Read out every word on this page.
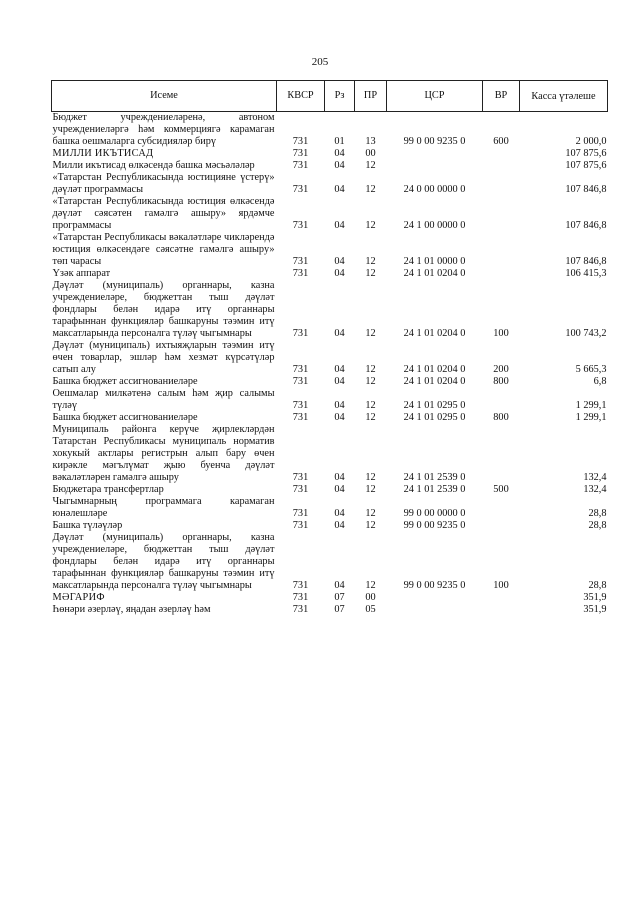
205
Исеме	КВСР	Рз	ПР	ЦСР	ВР	Касса үтәлеше
Бюджет учреждениеләренә, автоном учреждениеләргә һәм коммерциягә карамаган башка оешмаларга субсидияләр бирү	731	01	13	99 0 00 9235 0	600	2 000,0
МИЛЛИ ИКЪТИСАД	731	04	00			107 875,6
Милли икътисад өлкәсендә башка мәсьәләләр	731	04	12			107 875,6
«Татарстан Республикасында юстицияне үстерү» дәүләт программасы	731	04	12	24 0 00 0000 0		107 846,8
«Татарстан Республикасында юстиция өлкәсендә дәүләт сәясәтен гамәлгә ашыру» ярдәмче программасы	731	04	12	24 1 00 0000 0		107 846,8
«Татарстан Республикасы вәкаләтләре чикләрендә юстиция өлкәсендәге сәясәтне гамәлгә ашыру» төп чарасы	731	04	12	24 1 01 0000 0		107 846,8
Үзәк аппарат	731	04	12	24 1 01 0204 0		106 415,3
Дәүләт (муниципаль) органнары, казна учреждениеләре, бюджеттан тыш дәүләт фондлары белән идарә итү органнары тарафыннан функцияләр башкаруны тәэмин итү максатларында персоналга түләү чыгымнары	731	04	12	24 1 01 0204 0	100	100 743,2
Дәүләт (муниципаль) ихтыяҗларын тәэмин итү өчен товарлар, эшләр һәм хезмәт күрсәтүләр сатып алу	731	04	12	24 1 01 0204 0	200	5 665,3
Башка бюджет ассигнованиеләре	731	04	12	24 1 01 0204 0	800	6,8
Оешмалар милкәтенә салым һәм җир салымы түләү	731	04	12	24 1 01 0295 0		1 299,1
Башка бюджет ассигнованиеләре	731	04	12	24 1 01 0295 0	800	1 299,1
Муниципаль районга керүче җирлекләрдән Татарстан Республикасы муниципаль норматив хокукый актлары регистрын алып бару өчен кирәкле мәгълүмат җыю буенча дәүләт вәкаләтләрен гамәлгә ашыру	731	04	12	24 1 01 2539 0		132,4
Бюджетара трансфертлар	731	04	12	24 1 01 2539 0	500	132,4
Чыгымнарның программага карамаган юнәлешләре	731	04	12	99 0 00 0000 0		28,8
Башка түләүләр	731	04	12	99 0 00 9235 0		28,8
Дәүләт (муниципаль) органнары, казна учреждениеләре, бюджеттан тыш дәүләт фондлары белән идарә итү органнары тарафыннан функцияләр башкаруны тәэмин итү максатларында персоналга түләү чыгымнары	731	04	12	99 0 00 9235 0	100	28,8
МӘГАРИФ	731	07	00			351,9
Һөнәри әзерләү, яңадан әзерләү һәм	731	07	05			351,9
